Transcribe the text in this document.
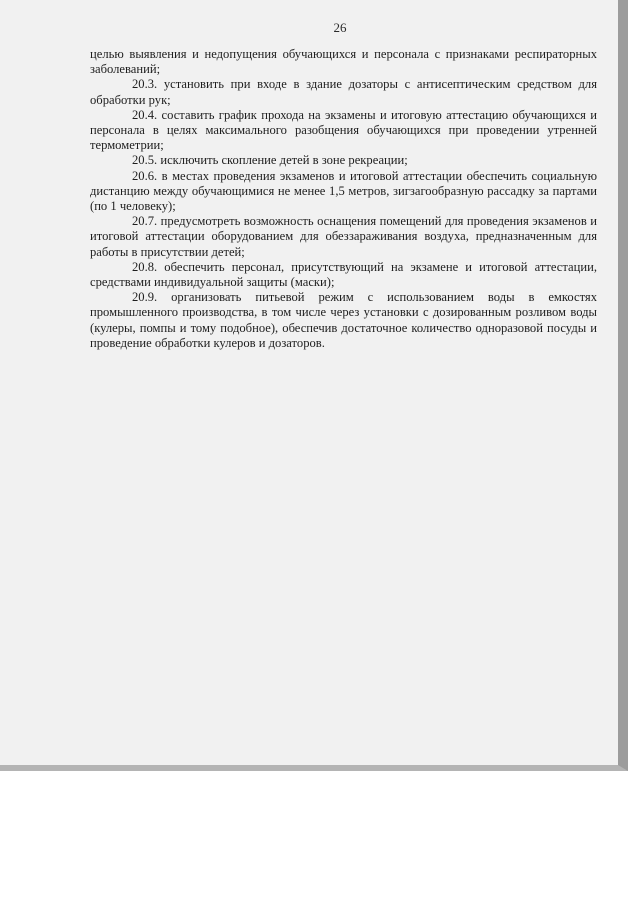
26

целью выявления и недопущения обучающихся и персонала с признаками респираторных заболеваний;

20.3. установить при входе в здание дозаторы с антисептическим средством для обработки рук;

20.4. составить график прохода на экзамены и итоговую аттестацию обучающихся и персонала в целях максимального разобщения обучающихся при проведении утренней термометрии;

20.5. исключить скопление детей в зоне рекреации;

20.6. в местах проведения экзаменов и итоговой аттестации обеспечить социальную дистанцию между обучающимися не менее 1,5 метров, зигзагообразную рассадку за партами (по 1 человеку);

20.7. предусмотреть возможность оснащения помещений для проведения экзаменов и итоговой аттестации оборудованием для обеззараживания воздуха, предназначенным для работы в присутствии детей;

20.8. обеспечить персонал, присутствующий на экзамене и итоговой аттестации, средствами индивидуальной защиты (маски);

20.9. организовать питьевой режим с использованием воды в емкостях промышленного производства, в том числе через установки с дозированным розливом воды (кулеры, помпы и тому подобное), обеспечив достаточное количество одноразовой посуды и проведение обработки кулеров и дозаторов.
